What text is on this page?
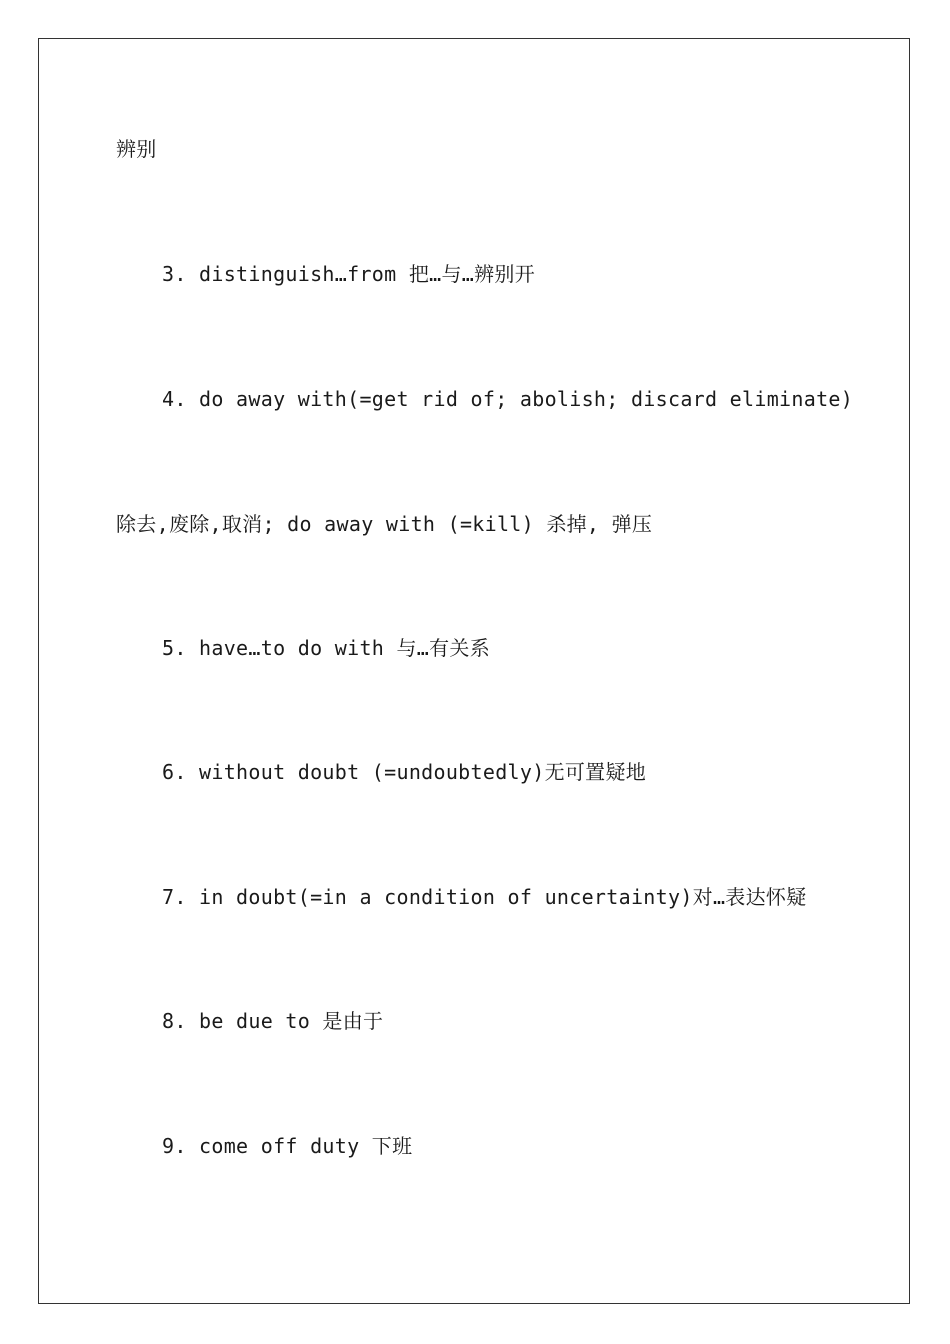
辨别
3. distinguish…from 把…与…辨别开
4. do away with(=get rid of; abolish; discard eliminate)
除去,废除,取消; do away with (=kill) 杀掉, 弹压
5. have…to do with 与…有关系
6. without doubt (=undoubtedly)无可置疑地
7. in doubt(=in a condition of uncertainty)对…表达怀疑
8. be due to 是由于
9. come off duty 下班
